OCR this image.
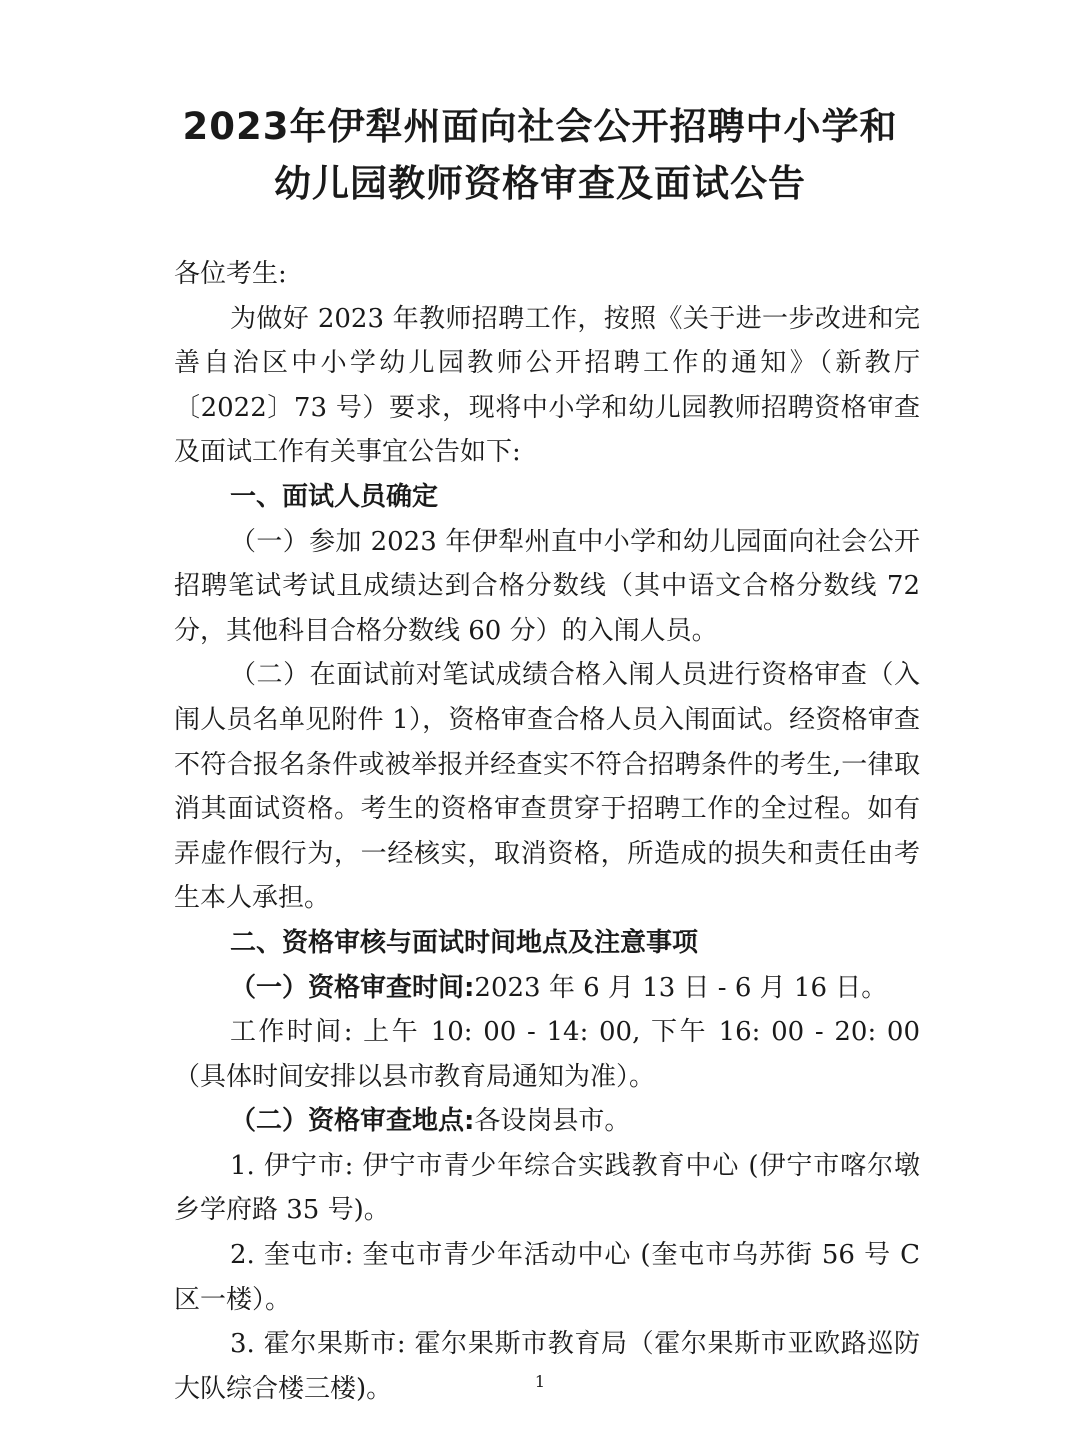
2023年伊犁州面向社会公开招聘中小学和
幼儿园教师资格审查及面试公告

各位考生:

为做好 2023 年教师招聘工作，按照《关于进一步改进和完善自治区中小学幼儿园教师公开招聘工作的通知》（新教厅〔2022〕73 号）要求，现将中小学和幼儿园教师招聘资格审查及面试工作有关事宜公告如下:

一、面试人员确定

（一）参加 2023 年伊犁州直中小学和幼儿园面向社会公开招聘笔试考试且成绩达到合格分数线（其中语文合格分数线 72 分，其他科目合格分数线 60 分）的入闱人员。

（二）在面试前对笔试成绩合格入闱人员进行资格审查（入闱人员名单见附件 1），资格审查合格人员入闱面试。经资格审查不符合报名条件或被举报并经查实不符合招聘条件的考生,一律取消其面试资格。考生的资格审查贯穿于招聘工作的全过程。如有弄虚作假行为，一经核实，取消资格，所造成的损失和责任由考生本人承担。

二、资格审核与面试时间地点及注意事项

（一）资格审查时间:2023 年 6 月 13 日 - 6 月 16 日。

工作时间: 上午 10: 00 - 14: 00, 下午 16: 00 - 20: 00（具体时间安排以县市教育局通知为准）。

（二）资格审查地点:各设岗县市。

1. 伊宁市: 伊宁市青少年综合实践教育中心 (伊宁市喀尔墩乡学府路 35 号)。

2. 奎屯市: 奎屯市青少年活动中心 (奎屯市乌苏街 56 号 C 区一楼）。

3. 霍尔果斯市: 霍尔果斯市教育局（霍尔果斯市亚欧路巡防大队综合楼三楼)。	1
